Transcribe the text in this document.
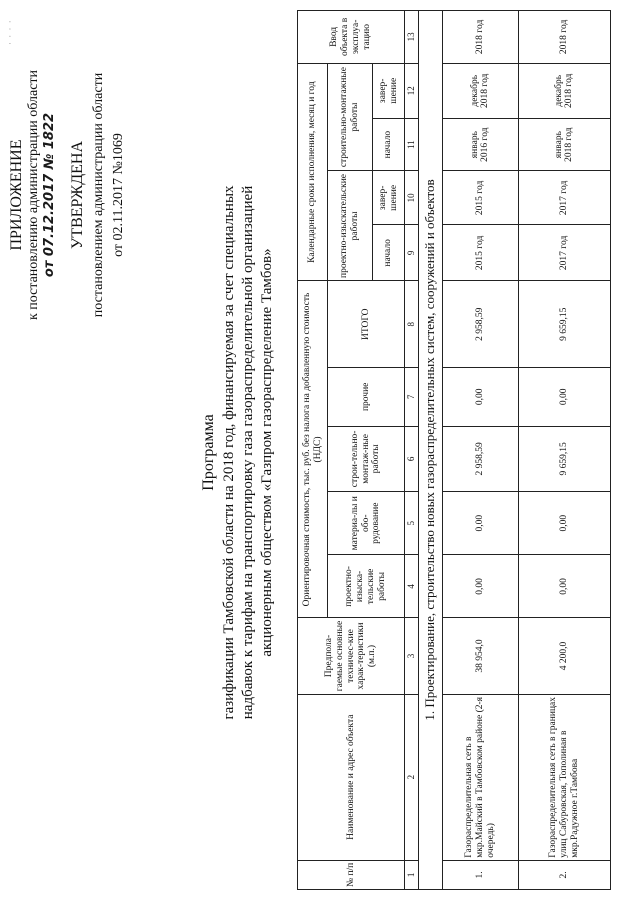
· · · ·
ПРИЛОЖЕНИЕ к постановлению администрации области от 07.12.2017 № 1822 УТВЕРЖДЕНА постановлением администрации области от 02.11.2017 №1069
Программа газификации Тамбовской области на 2018 год, финансируемая за счет специальных надбавок к тарифам на транспортировку газа газораспределительной организацией акционерным обществом «Газпром газораспределение Тамбов»
№ п/п	Наименование и адрес объекта	Предпола-гаемые основные техничес-кие харак-теристики (м.п.)	Ориентировочная стоимость, тыс. руб. без налога на добавленную стоимость (НДС)					Календарные сроки исполнения, месяц и год				Ввод объекта в эксплуа-тацию
			проектно-изыска-тельские работы	материа-лы и обо-рудование	строи-тельно-монтаж-ные работы	прочие	ИТОГО	проектно-изыскательские работы		строительно-монтажные работы		
								начало	завер-шение	начало	завер-шение	
1	2	3	4	5	6	7	8	9	10	11	12	13
1. Проектирование, строительство новых газораспределительных систем, сооружений и объектов												
1.	Газораспределительная сеть в мкр.Майский в Тамбовском районе (2-я очередь)	38 954,0	0,00	0,00	2 958,59	0,00	2 958,59	2015 год	2015 год	январь 2016 год	декабрь 2018 год	2018 год
2.	Газораспределительная сеть в границах улиц Сабуровская, Тополиная в мкр.Радужное г.Тамбова	4 200,0	0,00	0,00	9 659,15	0,00	9 659,15	2017 год	2017 год	январь 2018 год	декабрь 2018 год	2018 год
